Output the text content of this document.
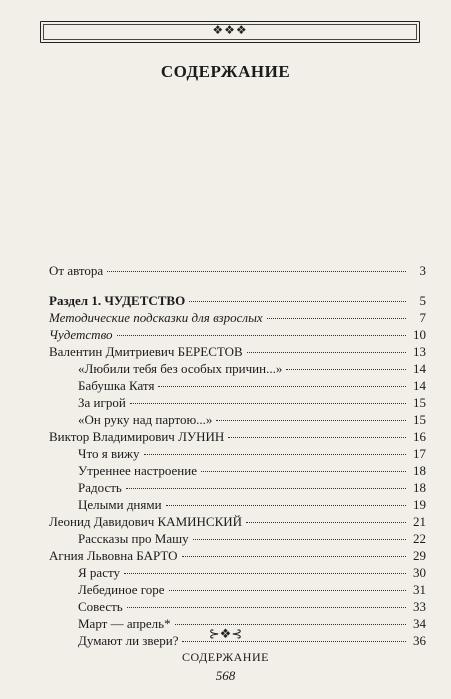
❖❖❖
СОДЕРЖАНИЕ
От автора	3
Раздел 1. ЧУДЕТСТВО	5
Методические подсказки для взрослых	7
Чудетство	10
Валентин Дмитриевич БЕРЕСТОВ	13
«Любили тебя без особых причин...»	14
Бабушка Катя	14
За игрой	15
«Он руку над партою...»	15
Виктор Владимирович ЛУНИН	16
Что я вижу	17
Утреннее настроение	18
Радость	18
Целыми днями	19
Леонид Давидович КАМИНСКИЙ	21
Рассказы про Машу	22
Агния Львовна БАРТО	29
Я расту	30
Лебединое горе	31
Совесть	33
Март — апрель*	34
Думают ли звери?	36
⊱❖⊰
СОДЕРЖАНИЕ
568
